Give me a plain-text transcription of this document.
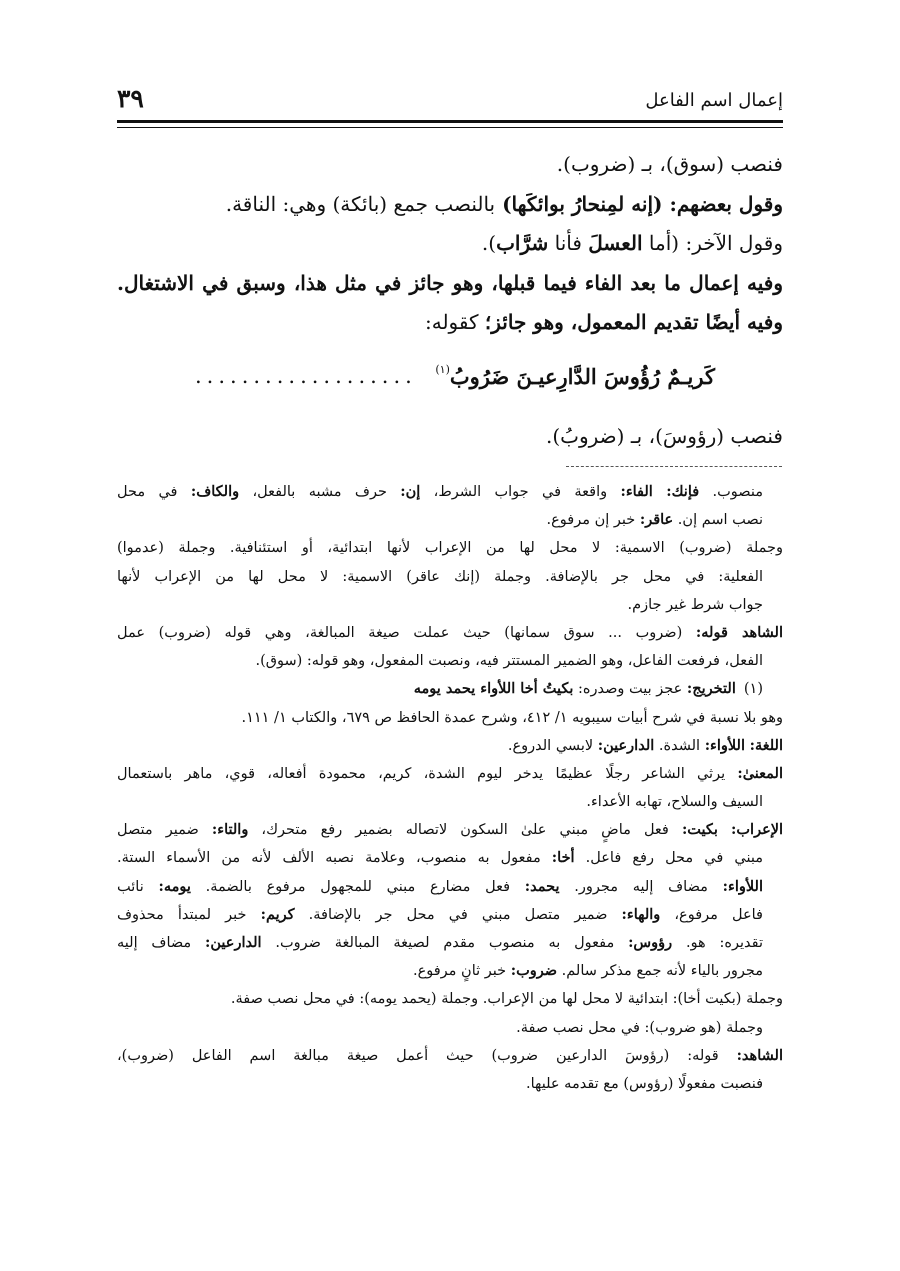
إعمال اسم الفاعل
٣٩

فنصب (سوق)، بـ (ضروب).

وقول بعضهم: (إنه لمِنحارُ بوائكَها) بالنصب جمع (بائكة) وهي: الناقة.

وقول الآخر: (أما العسلَ فأنا شرَّاب).

وفيه إعمال ما بعد الفاء فيما قبلها، وهو جائز في مثل هذا، وسبق في الاشتغال.

وفيه أيضًا تقديم المعمول، وهو جائز؛ كقوله:

كَريـمٌ رُؤُوسَ الدَّارِعيـنَ ضَرُوبُ$^{(١)}$
...................

فنصب (رؤوسَ)، بـ (ضروبُ).

منصوب. فإنك: الفاء: واقعة في جواب الشرط، إن: حرف مشبه بالفعل، والكاف: في محل

نصب اسم إن. عاقر: خبر إن مرفوع.

وجملة (ضروب) الاسمية: لا محل لها من الإعراب لأنها ابتدائية، أو استئنافية. وجملة (عدموا)

الفعلية: في محل جر بالإضافة. وجملة (إنك عاقر) الاسمية: لا محل لها من الإعراب لأنها

جواب شرط غير جازم.

الشاهد قوله: (ضروب ... سوق سمانها) حيث عملت صيغة المبالغة، وهي قوله (ضروب) عمل

الفعل، فرفعت الفاعل، وهو الضمير المستتر فيه، ونصبت المفعول، وهو قوله: (سوق).

(١)التخريج: عجز بيت وصدره: بكيتُ أخا اللأواء يحمد يومه

وهو بلا نسبة في شرح أبيات سيبويه ١/ ٤١٢، وشرح عمدة الحافظ ص ٦٧٩، والكتاب ١/ ١١١.

اللغة: اللأواء: الشدة. الدارعين: لابسي الدروع.

المعنىٰ: يرثي الشاعر رجلًا عظيمًا يدخر ليوم الشدة، كريم، محمودة أفعاله، قوي، ماهر باستعمال

السيف والسلاح، تهابه الأعداء.

الإعراب: بكيت: فعل ماضٍ مبني علىٰ السكون لاتصاله بضمير رفع متحرك، والتاء: ضمير متصل

مبني في محل رفع فاعل. أخا: مفعول به منصوب، وعلامة نصبه الألف لأنه من الأسماء الستة.

اللأواء: مضاف إليه مجرور. يحمد: فعل مضارع مبني للمجهول مرفوع بالضمة. يومه: نائب

فاعل مرفوع، والهاء: ضمير متصل مبني في محل جر بالإضافة. كريم: خبر لمبتدأ محذوف

تقديره: هو. رؤوس: مفعول به منصوب مقدم لصيغة المبالغة ضروب. الدارعين: مضاف إليه

مجرور بالياء لأنه جمع مذكر سالم. ضروب: خبر ثانٍ مرفوع.

وجملة (بكيت أخا): ابتدائية لا محل لها من الإعراب. وجملة (يحمد يومه): في محل نصب صفة.

وجملة (هو ضروب): في محل نصب صفة.

الشاهد: قوله: (رؤوسَ الدارعين ضروب) حيث أعمل صيغة مبالغة اسم الفاعل (ضروب)،

فنصبت مفعولًا (رؤوس) مع تقدمه عليها.
